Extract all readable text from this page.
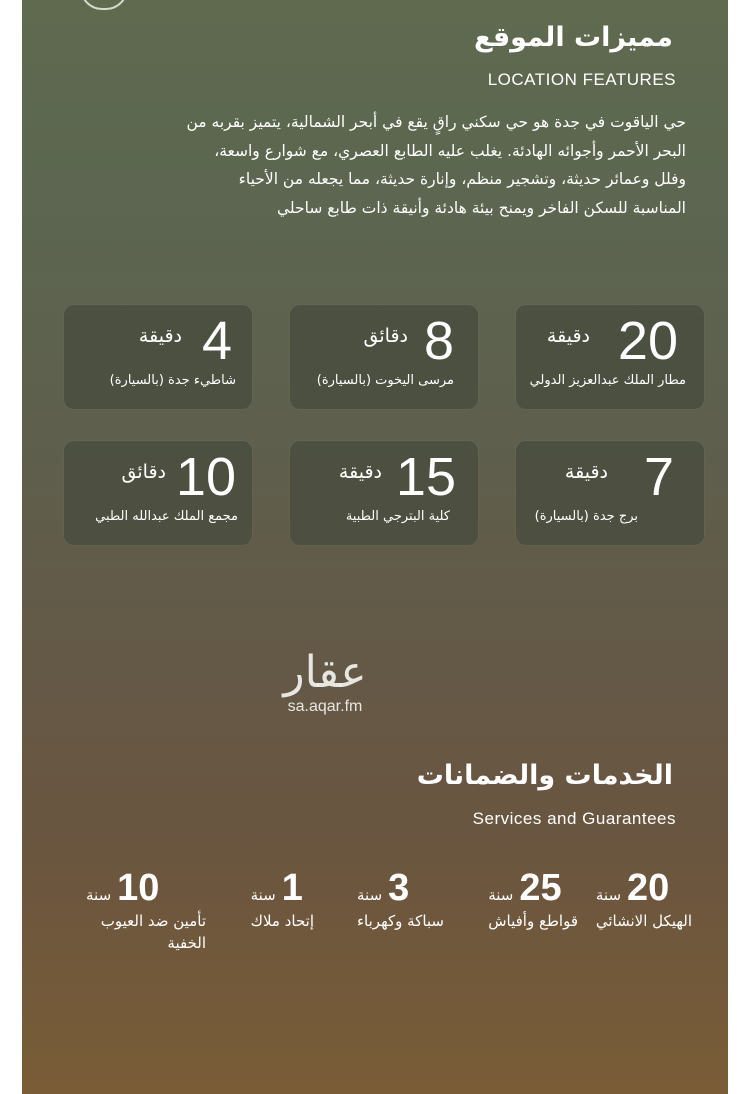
مميزات الموقع
LOCATION FEATURES

حي الياقوت في جدة هو حي سكني راقٍ يقع في أبحر الشمالية، يتميز بقربه من

البحر الأحمر وأجوائه الهادئة. يغلب عليه الطابع العصري، مع شوارع واسعة،

وفلل وعمائر حديثة، وتشجير منظم، وإنارة حديثة، مما يجعله من الأحياء

المناسبة للسكن الفاخر ويمنح بيئة هادئة وأنيقة ذات طابع ساحلي

20
دقيقة
مطار الملك عبدالعزيز الدولي
8
دقائق
مرسى اليخوت (بالسيارة)
4
دقيقة
شاطيء جدة (بالسيارة)
7
دقيقة
برج جدة (بالسيارة)
15
دقيقة
كلية البترجي الطبية
10
دقائق
مجمع الملك عبدالله الطبي
عقار
sa.aqar.fm
الخدمات والضمانات
Services and Guarantees
سنة 20
الهيكل الانشائي
سنة 25
قواطع وأفياش
سنة 3
سباكة وكهرباء
سنة 1
إتحاد ملاك
سنة 10
تأمين ضد العيوب الخفية
